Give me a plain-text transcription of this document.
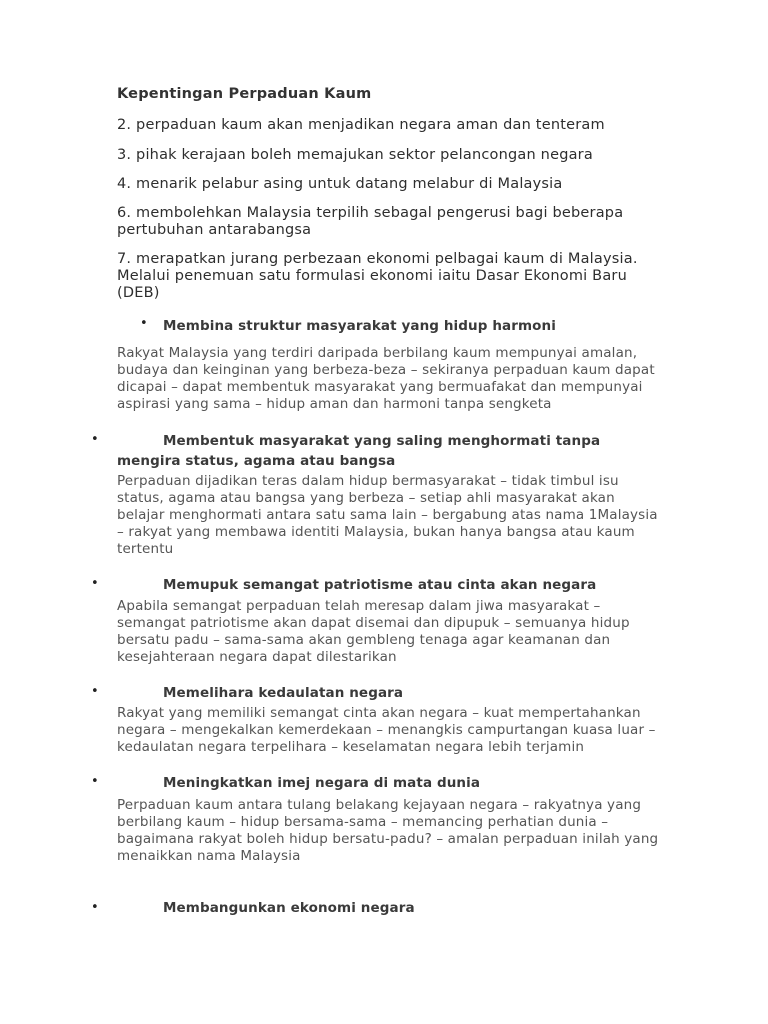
Kepentingan Perpaduan Kaum
2. perpaduan kaum akan menjadikan negara aman dan tenteram
3. pihak kerajaan boleh memajukan sektor pelancongan negara
4. menarik pelabur asing untuk datang melabur di Malaysia
6. membolehkan Malaysia terpilih sebagal pengerusi bagi beberapa pertubuhan antarabangsa
7. merapatkan jurang perbezaan ekonomi pelbagai kaum di Malaysia. Melalui penemuan satu formulasi ekonomi iaitu Dasar Ekonomi Baru (DEB)
• Membina struktur masyarakat yang hidup harmoni
Rakyat Malaysia yang terdiri daripada berbilang kaum mempunyai amalan, budaya dan keinginan yang berbeza-beza – sekiranya perpaduan kaum dapat dicapai – dapat membentuk masyarakat yang bermuafakat dan mempunyai aspirasi yang sama – hidup aman dan harmoni tanpa sengketa
•	Membentuk masyarakat yang saling menghormati tanpa mengira status, agama atau bangsa
Perpaduan dijadikan teras dalam hidup bermasyarakat – tidak timbul isu status, agama atau bangsa yang berbeza – setiap ahli masyarakat akan belajar menghormati antara satu sama lain – bergabung atas nama 1Malaysia – rakyat yang membawa identiti Malaysia, bukan hanya bangsa atau kaum tertentu
•	Memupuk semangat patriotisme atau cinta akan negara
Apabila semangat perpaduan telah meresap dalam jiwa masyarakat – semangat patriotisme akan dapat disemai dan dipupuk – semuanya hidup bersatu padu – sama-sama akan gembleng tenaga agar keamanan dan kesejahteraan negara dapat dilestarikan
•	Memelihara kedaulatan negara
Rakyat yang memiliki semangat cinta akan negara – kuat mempertahankan negara – mengekalkan kemerdekaan – menangkis campurtangan kuasa luar – kedaulatan negara terpelihara – keselamatan negara lebih terjamin
•	Meningkatkan imej negara di mata dunia
Perpaduan kaum antara tulang belakang kejayaan negara – rakyatnya yang berbilang kaum – hidup bersama-sama – memancing perhatian dunia – bagaimana rakyat boleh hidup bersatu-padu? – amalan perpaduan inilah yang menaikkan nama Malaysia
•	Membangunkan ekonomi negara
